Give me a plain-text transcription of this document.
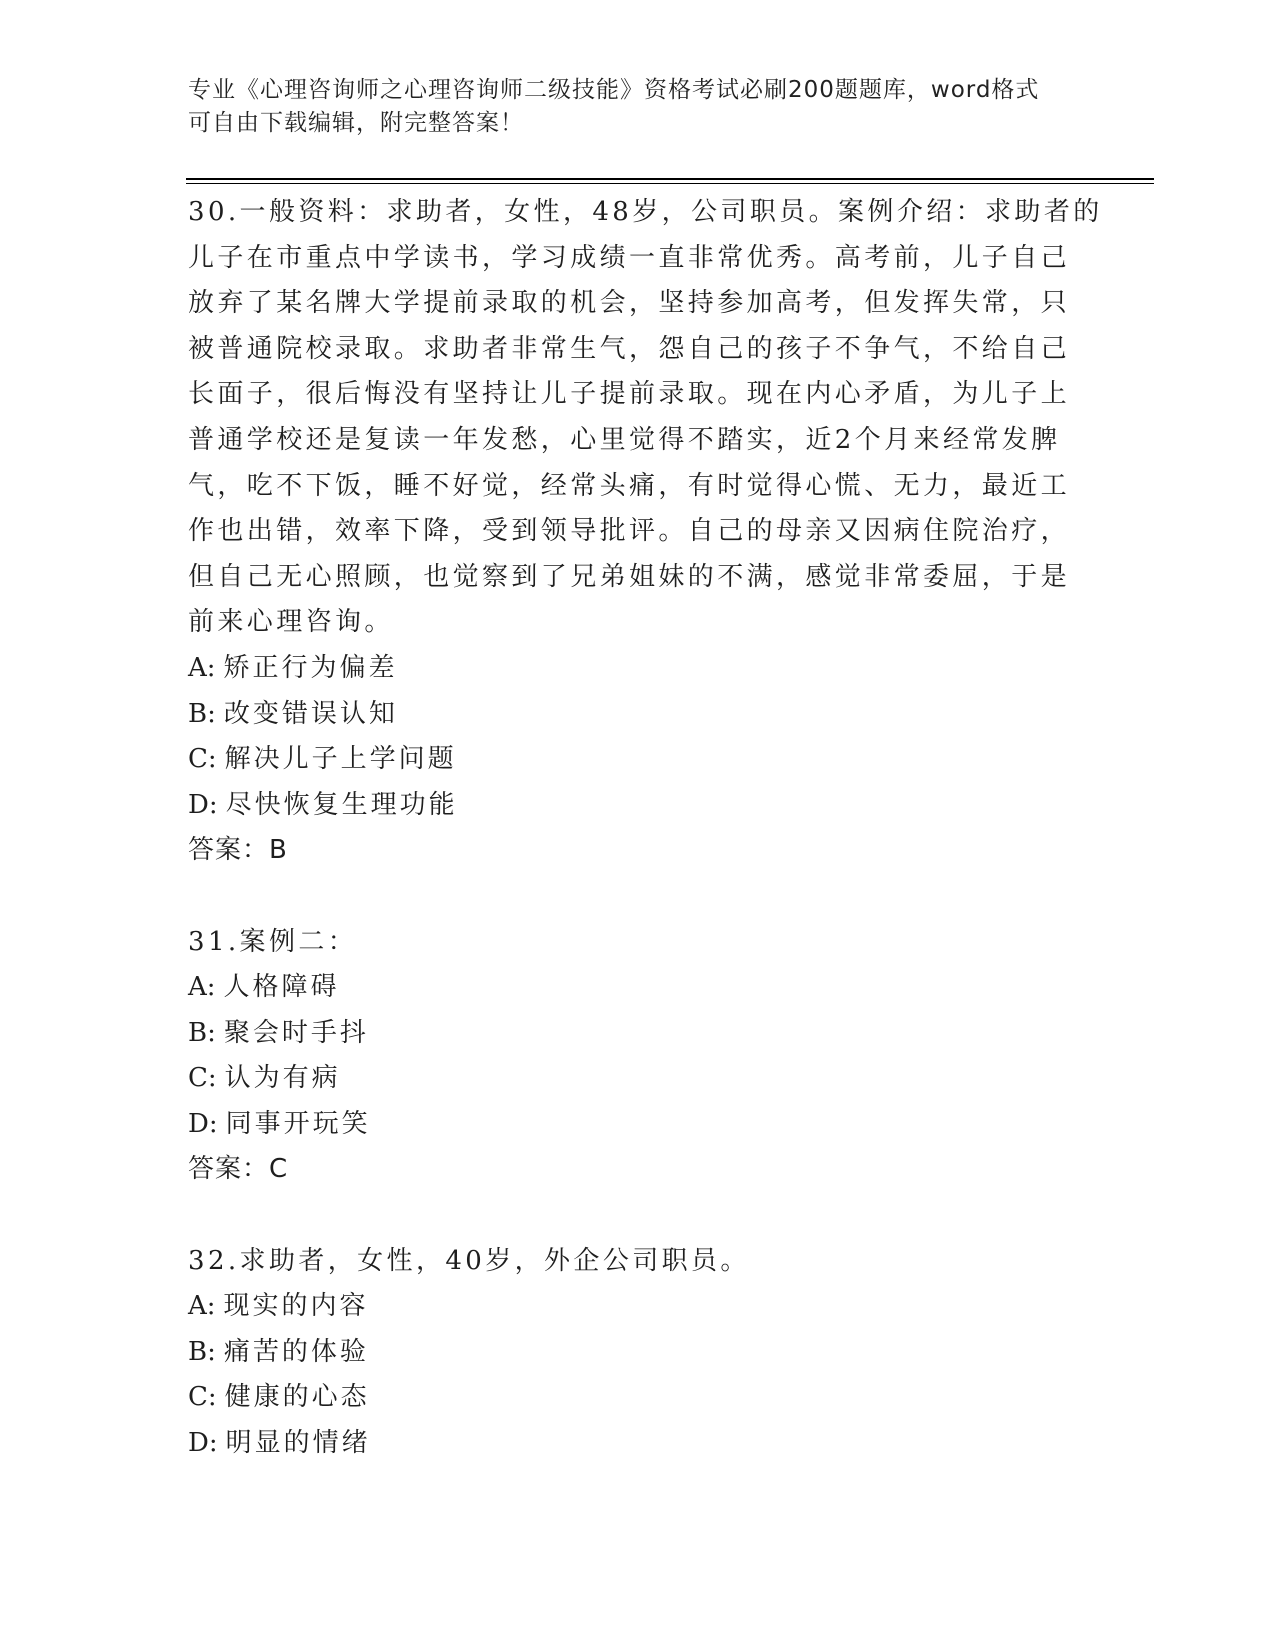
专业《心理咨询师之心理咨询师二级技能》资格考试必刷200题题库，word格式
可自由下载编辑，附完整答案！
30.一般资料：求助者，女性，48岁，公司职员。案例介绍：求助者的
儿子在市重点中学读书，学习成绩一直非常优秀。高考前，儿子自己
放弃了某名牌大学提前录取的机会，坚持参加高考，但发挥失常，只
被普通院校录取。求助者非常生气，怨自己的孩子不争气，不给自己
长面子，很后悔没有坚持让儿子提前录取。现在内心矛盾，为儿子上
普通学校还是复读一年发愁，心里觉得不踏实，近2个月来经常发脾
气，吃不下饭，睡不好觉，经常头痛，有时觉得心慌、无力，最近工
作也出错，效率下降，受到领导批评。自己的母亲又因病住院治疗，
但自己无心照顾，也觉察到了兄弟姐妹的不满，感觉非常委屈，于是
前来心理咨询。
A: 矫正行为偏差
B: 改变错误认知
C: 解决儿子上学问题
D: 尽快恢复生理功能
答案：B
31.案例二：
A: 人格障碍
B: 聚会时手抖
C: 认为有病
D: 同事开玩笑
答案：C
32.求助者，女性，40岁，外企公司职员。
A: 现实的内容
B: 痛苦的体验
C: 健康的心态
D: 明显的情绪
